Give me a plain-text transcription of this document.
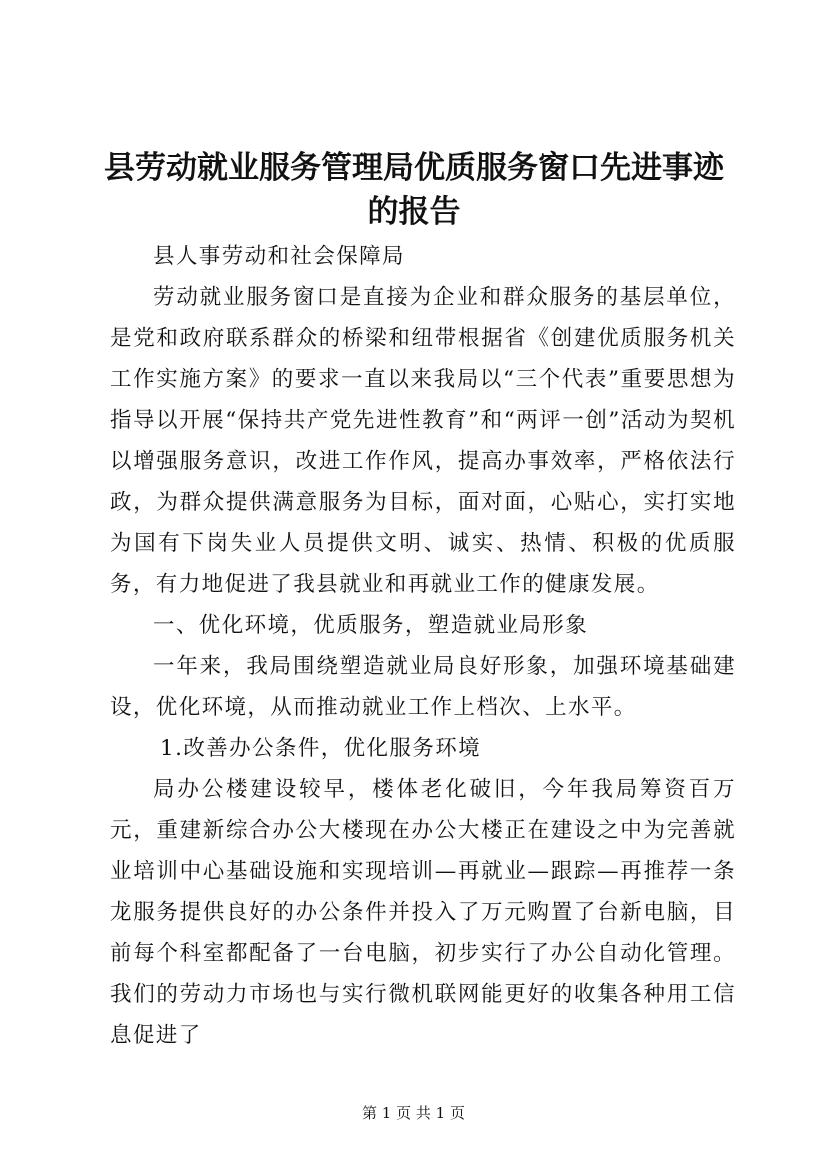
县劳动就业服务管理局优质服务窗口先进事迹的报告

县人事劳动和社会保障局

劳动就业服务窗口是直接为企业和群众服务的基层单位，是党和政府联系群众的桥梁和纽带根据省《创建优质服务机关工作实施方案》的要求一直以来我局以“三个代表”重要思想为指导以开展“保持共产党先进性教育”和“两评一创”活动为契机以增强服务意识，改进工作作风，提高办事效率，严格依法行政，为群众提供满意服务为目标，面对面，心贴心，实打实地为国有下岗失业人员提供文明、诚实、热情、积极的优质服务，有力地促进了我县就业和再就业工作的健康发展。

一、优化环境，优质服务，塑造就业局形象

一年来，我局围绕塑造就业局良好形象，加强环境基础建设，优化环境，从而推动就业工作上档次、上水平。

1.改善办公条件，优化服务环境

局办公楼建设较早，楼体老化破旧，今年我局筹资百万元，重建新综合办公大楼现在办公大楼正在建设之中为完善就业培训中心基础设施和实现培训—再就业—跟踪—再推荐一条龙服务提供良好的办公条件并投入了万元购置了台新电脑，目前每个科室都配备了一台电脑，初步实行了办公自动化管理。我们的劳动力市场也与实行微机联网能更好的收集各种用工信息促进了

第 1 页 共 1 页
